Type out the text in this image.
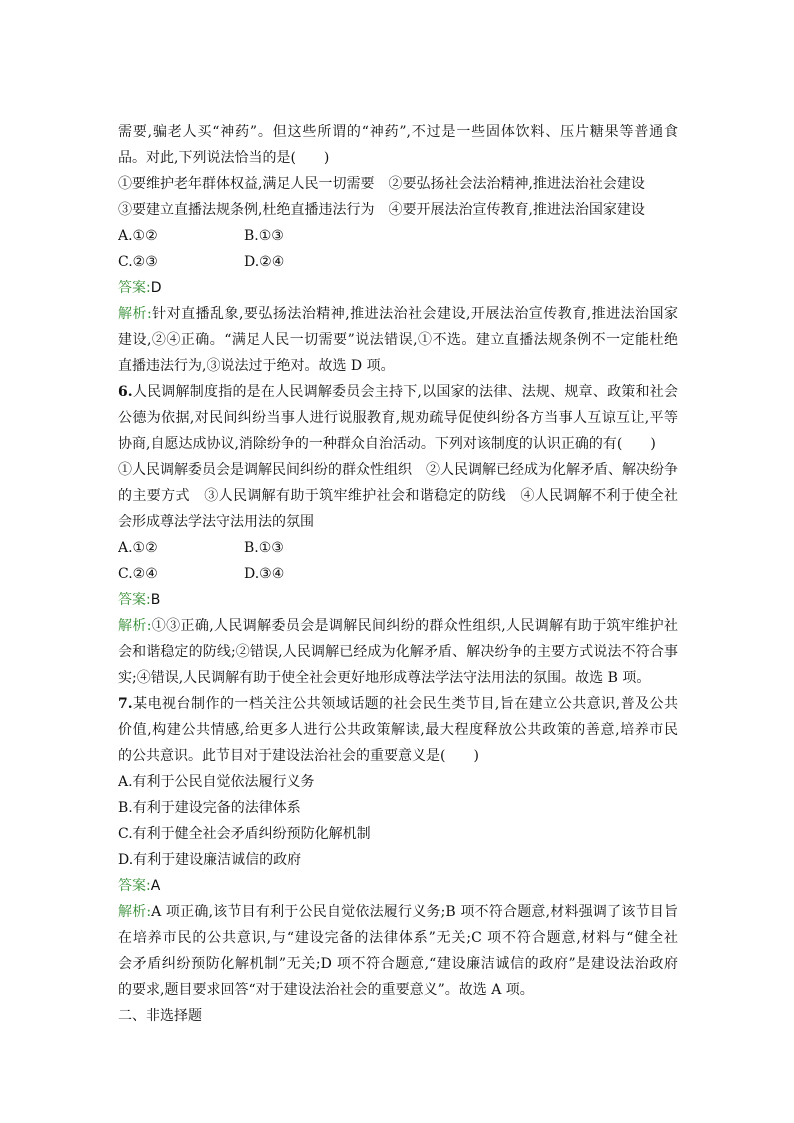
需要,骗老人买“神药”。但这些所谓的“神药”,不过是一些固体饮料、压片糖果等普通食
品。对此,下列说法恰当的是(　　)
①要维护老年群体权益,满足人民一切需要　②要弘扬社会法治精神,推进法治社会建设
③要建立直播法规条例,杜绝直播违法行为　④要开展法治宣传教育,推进法治国家建设
A.①②	B.①③
C.②③	D.②④
答案:D
解析:针对直播乱象,要弘扬法治精神,推进法治社会建设,开展法治宣传教育,推进法治国家
建设,②④正确。“满足人民一切需要”说法错误,①不选。建立直播法规条例不一定能杜绝
直播违法行为,③说法过于绝对。故选 D 项。
6.人民调解制度指的是在人民调解委员会主持下,以国家的法律、法规、规章、政策和社会
公德为依据,对民间纠纷当事人进行说服教育,规劝疏导促使纠纷各方当事人互谅互让,平等
协商,自愿达成协议,消除纷争的一种群众自治活动。下列对该制度的认识正确的有(　　)
①人民调解委员会是调解民间纠纷的群众性组织　②人民调解已经成为化解矛盾、解决纷争
的主要方式　③人民调解有助于筑牢维护社会和谐稳定的防线　④人民调解不利于使全社
会形成尊法学法守法用法的氛围
A.①②	B.①③
C.②④	D.③④
答案:B
解析:①③正确,人民调解委员会是调解民间纠纷的群众性组织,人民调解有助于筑牢维护社
会和谐稳定的防线;②错误,人民调解已经成为化解矛盾、解决纷争的主要方式说法不符合事
实;④错误,人民调解有助于使全社会更好地形成尊法学法守法用法的氛围。故选 B 项。
7.某电视台制作的一档关注公共领域话题的社会民生类节目,旨在建立公共意识,普及公共
价值,构建公共情感,给更多人进行公共政策解读,最大程度释放公共政策的善意,培养市民
的公共意识。此节目对于建设法治社会的重要意义是(　　)
A.有利于公民自觉依法履行义务
B.有利于建设完备的法律体系
C.有利于健全社会矛盾纠纷预防化解机制
D.有利于建设廉洁诚信的政府
答案:A
解析:A 项正确,该节目有利于公民自觉依法履行义务;B 项不符合题意,材料强调了该节目旨
在培养市民的公共意识,与“建设完备的法律体系”无关;C 项不符合题意,材料与“健全社
会矛盾纠纷预防化解机制”无关;D 项不符合题意,“建设廉洁诚信的政府”是建设法治政府
的要求,题目要求回答“对于建设法治社会的重要意义”。故选 A 项。
二、非选择题
